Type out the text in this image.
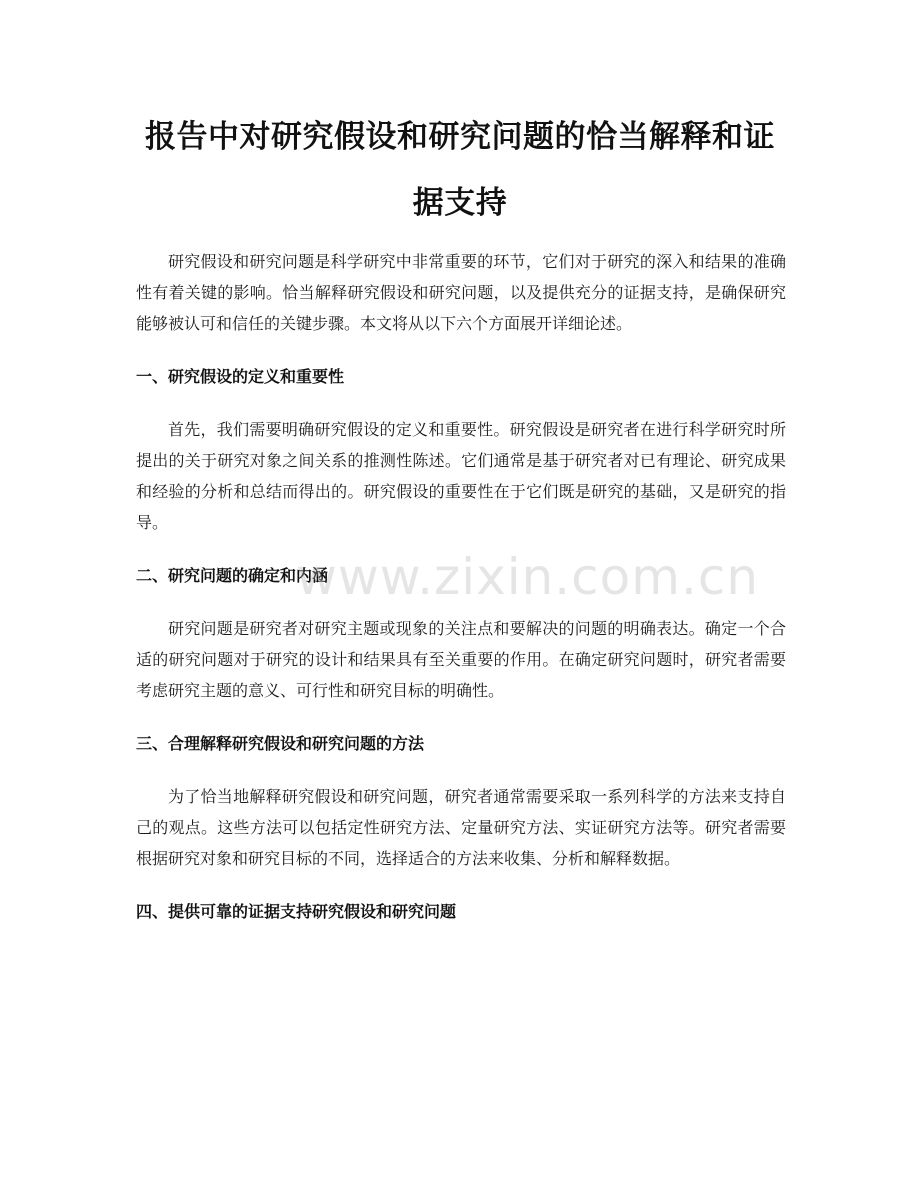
报告中对研究假设和研究问题的恰当解释和证据支持

研究假设和研究问题是科学研究中非常重要的环节，它们对于研究的深入和结果的准确性有着关键的影响。恰当解释研究假设和研究问题，以及提供充分的证据支持，是确保研究能够被认可和信任的关键步骤。本文将从以下六个方面展开详细论述。

一、研究假设的定义和重要性

首先，我们需要明确研究假设的定义和重要性。研究假设是研究者在进行科学研究时所提出的关于研究对象之间关系的推测性陈述。它们通常是基于研究者对已有理论、研究成果和经验的分析和总结而得出的。研究假设的重要性在于它们既是研究的基础，又是研究的指导。

二、研究问题的确定和内涵

研究问题是研究者对研究主题或现象的关注点和要解决的问题的明确表达。确定一个合适的研究问题对于研究的设计和结果具有至关重要的作用。在确定研究问题时，研究者需要考虑研究主题的意义、可行性和研究目标的明确性。

三、合理解释研究假设和研究问题的方法

为了恰当地解释研究假设和研究问题，研究者通常需要采取一系列科学的方法来支持自己的观点。这些方法可以包括定性研究方法、定量研究方法、实证研究方法等。研究者需要根据研究对象和研究目标的不同，选择适合的方法来收集、分析和解释数据。

四、提供可靠的证据支持研究假设和研究问题
www.zixin.com.cn
